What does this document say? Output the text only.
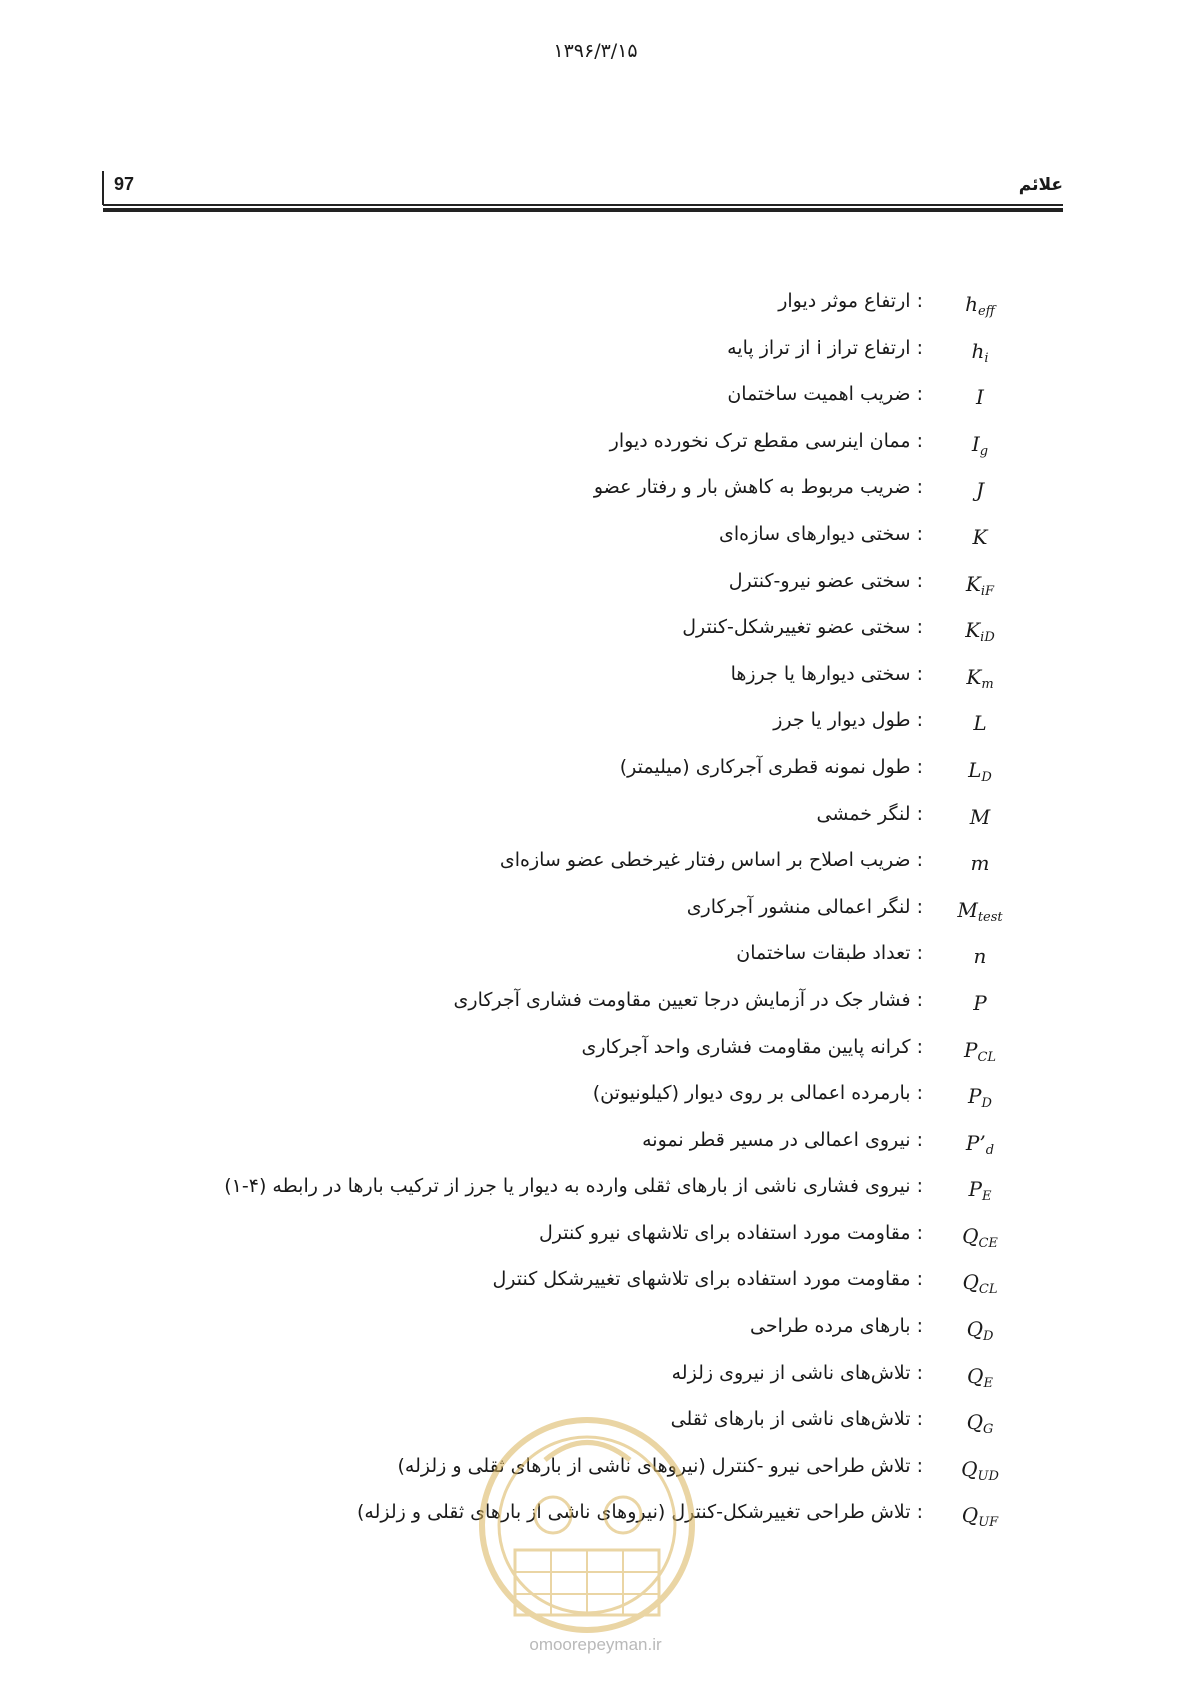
۱۳۹۶/۳/۱۵
97	علائم
$h_{eff}$
: ارتفاع موثر دیوار
$h_i$
: ارتفاع تراز i از تراز پایه
I
: ضریب اهمیت ساختمان
$I_g$
: ممان اینرسی مقطع ترک نخورده دیوار
J
: ضریب مربوط به کاهش بار و رفتار عضو
K
: سختی دیوارهای سازه‌ای
$K_{iF}$
: سختی عضو نیرو-کنترل
$K_{iD}$
: سختی عضو تغییرشکل-کنترل
$K_m$
: سختی دیوارها یا جرزها
L
: طول دیوار یا جرز
$L_D$
: طول نمونه قطری آجرکاری (میلیمتر)
M
: لنگر خمشی
m
: ضریب اصلاح بر اساس رفتار غیرخطی عضو سازه‌ای
$M_{test}$
: لنگر اعمالی منشور آجرکاری
n
: تعداد طبقات ساختمان
P
: فشار جک در آزمایش درجا تعیین مقاومت فشاری آجرکاری
$P_{CL}$
: کرانه پایین مقاومت فشاری واحد آجرکاری
$P_D$
: بارمرده اعمالی بر روی دیوار (کیلونیوتن)
$P’_d$
: نیروی اعمالی در مسیر قطر نمونه
$P_E$
: نیروی فشاری ناشی از بارهای ثقلی وارده به دیوار یا جرز از ترکیب بارها در رابطه (۴-۱)
$Q_{CE}$
: مقاومت مورد استفاده برای تلاشهای نیرو کنترل
$Q_{CL}$
: مقاومت مورد استفاده برای تلاشهای تغییرشکل کنترل
$Q_D$
: بارهای مرده طراحی
$Q_E$
: تلاش‌های ناشی از نیروی زلزله
$Q_G$
: تلاش‌های ناشی از بارهای ثقلی
$Q_{UD}$
: تلاش طراحی نیرو -کنترل (نیروهای ناشی از بارهای ثقلی و زلزله)
$Q_{UF}$
: تلاش طراحی تغییرشکل-کنترل (نیروهای ناشی از بارهای ثقلی و زلزله)
omoorepeyman.ir
